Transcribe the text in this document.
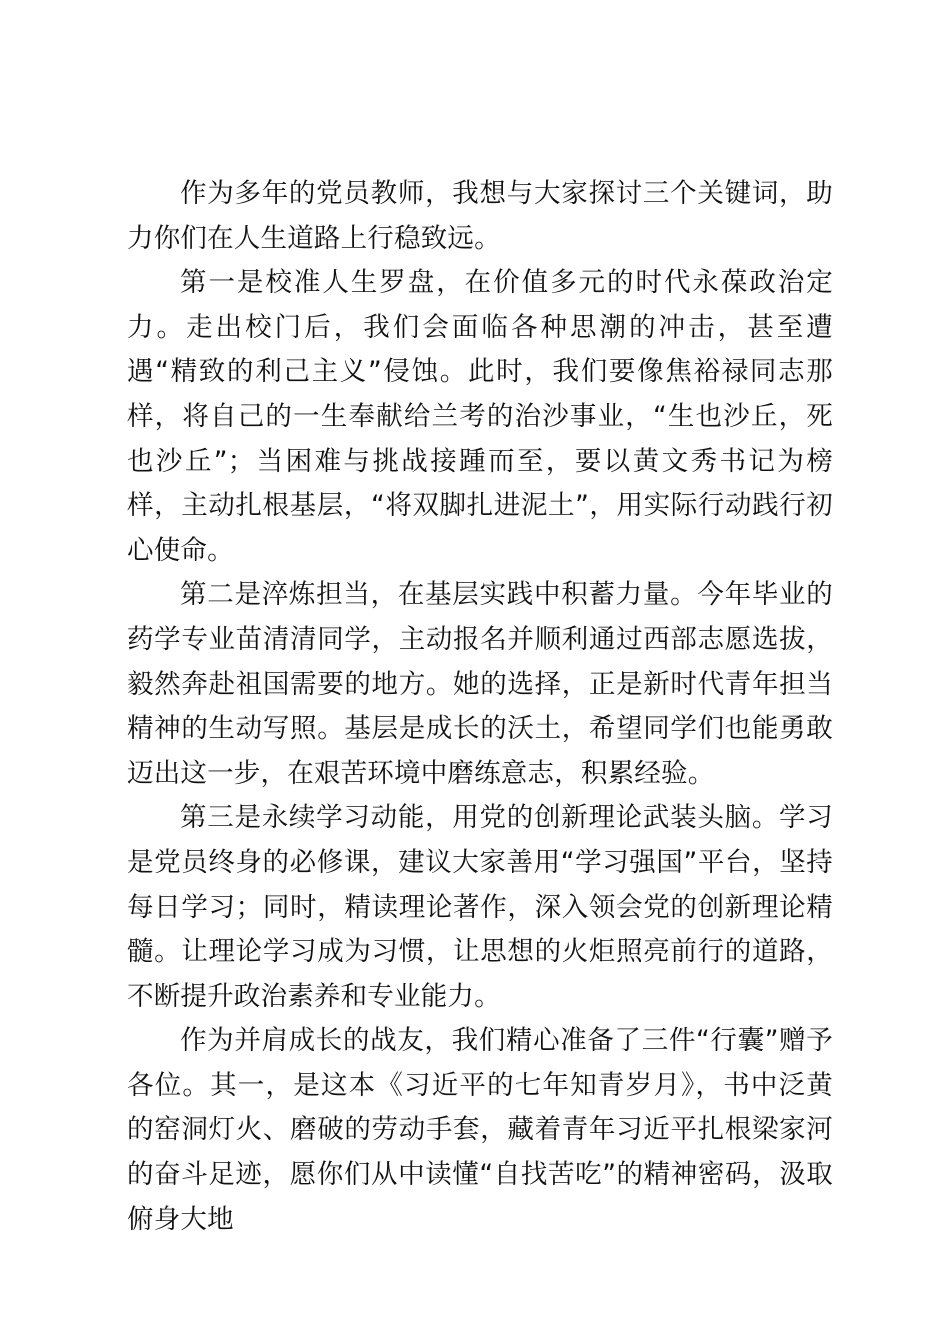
作为多年的党员教师，我想与大家探讨三个关键词，助力你们在人生道路上行稳致远。

第一是校准人生罗盘，在价值多元的时代永葆政治定力。走出校门后，我们会面临各种思潮的冲击，甚至遭遇“精致的利己主义”侵蚀。此时，我们要像焦裕禄同志那样，将自己的一生奉献给兰考的治沙事业，“生也沙丘，死也沙丘”；当困难与挑战接踵而至，要以黄文秀书记为榜样，主动扎根基层，“将双脚扎进泥土”，用实际行动践行初心使命。

第二是淬炼担当，在基层实践中积蓄力量。今年毕业的药学专业苗清清同学，主动报名并顺利通过西部志愿选拔，毅然奔赴祖国需要的地方。她的选择，正是新时代青年担当精神的生动写照。基层是成长的沃土，希望同学们也能勇敢迈出这一步，在艰苦环境中磨练意志，积累经验。

第三是永续学习动能，用党的创新理论武装头脑。学习是党员终身的必修课，建议大家善用“学习强国”平台，坚持每日学习；同时，精读理论著作，深入领会党的创新理论精髓。让理论学习成为习惯，让思想的火炬照亮前行的道路，不断提升政治素养和专业能力。

作为并肩成长的战友，我们精心准备了三件“行囊”赠予各位。其一，是这本《习近平的七年知青岁月》，书中泛黄的窑洞灯火、磨破的劳动手套，藏着青年习近平扎根梁家河的奋斗足迹，愿你们从中读懂“自找苦吃”的精神密码，汲取俯身大地
